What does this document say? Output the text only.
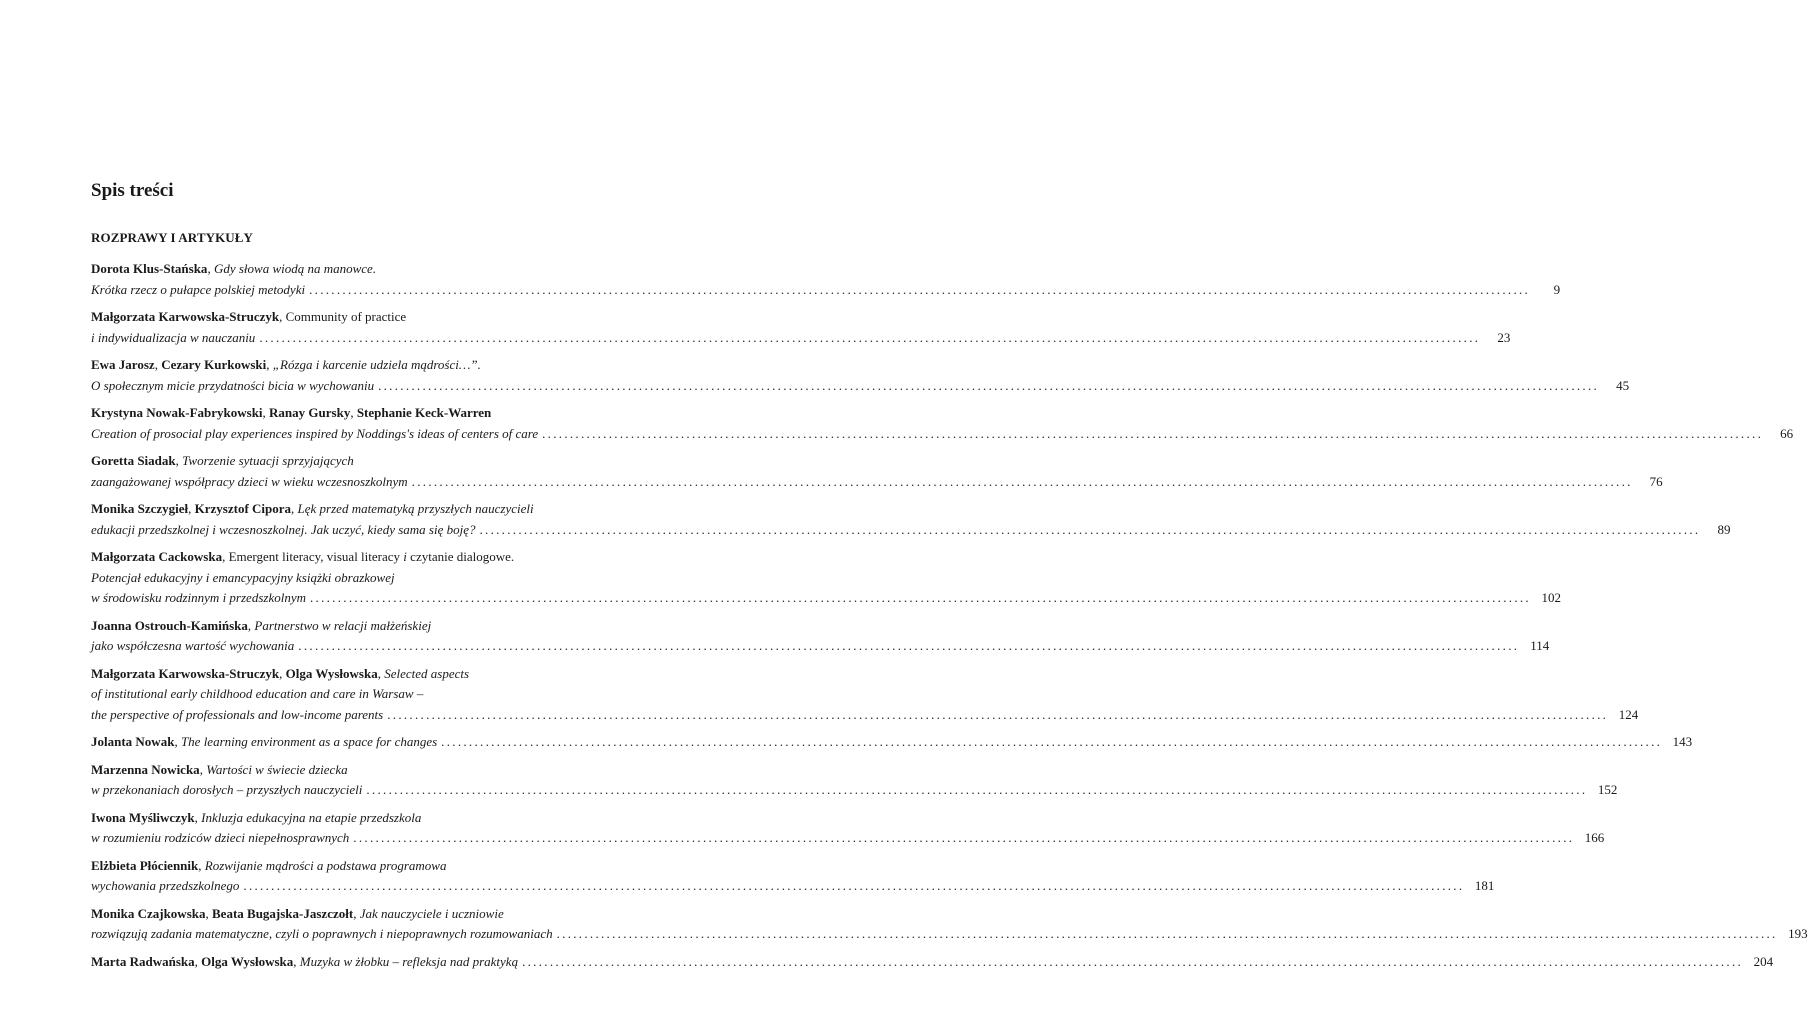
Spis treści
ROZPRAWY I ARTYKUŁY
Dorota Klus-Stańska, Gdy słowa wiodą na manowce.
Krótka rzecz o pułapce polskiej metodyki ............................................................................................................................................................................................................................	9
Małgorzata Karwowska-Struczyk, Community of practice
i indywidualizacja w nauczaniu ............................................................................................................................................................................................................................	23
Ewa Jarosz, Cezary Kurkowski, „Rózga i karcenie udziela mądrości…”.
O społecznym micie przydatności bicia w wychowaniu ............................................................................................................................................................................................................................	45
Krystyna Nowak-Fabrykowski, Ranay Gursky, Stephanie Keck-Warren
Creation of prosocial play experiences inspired by Noddings's ideas of centers of care ............................................................................................................................................................................................................................	66
Goretta Siadak, Tworzenie sytuacji sprzyjających
zaangażowanej współpracy dzieci w wieku wczesnoszkolnym ............................................................................................................................................................................................................................	76
Monika Szczygieł, Krzysztof Cipora, Lęk przed matematyką przyszłych nauczycieli
edukacji przedszkolnej i wczesnoszkolnej. Jak uczyć, kiedy sama się boję? ............................................................................................................................................................................................................................	89
Małgorzata Cackowska, Emergent literacy, visual literacy i czytanie dialogowe.
Potencjał edukacyjny i emancypacyjny książki obrazkowej
w środowisku rodzinnym i przedszkolnym ............................................................................................................................................................................................................................ 102
Joanna Ostrouch-Kamińska, Partnerstwo w relacji małżeńskiej
jako współczesna wartość wychowania ............................................................................................................................................................................................................................ 114
Małgorzata Karwowska-Struczyk, Olga Wysłowska, Selected aspects
of institutional early childhood education and care in Warsaw –
the perspective of professionals and low-income parents ............................................................................................................................................................................................................................ 124
Jolanta Nowak, The learning environment as a space for changes ............................................................................................................................................................................................................................ 143
Marzenna Nowicka, Wartości w świecie dziecka
w przekonaniach dorosłych – przyszłych nauczycieli ............................................................................................................................................................................................................................ 152
Iwona Myśliwczyk, Inkluzja edukacyjna na etapie przedszkola
w rozumieniu rodziców dzieci niepełnosprawnych ............................................................................................................................................................................................................................ 166
Elżbieta Płóciennik, Rozwijanie mądrości a podstawa programowa
wychowania przedszkolnego ............................................................................................................................................................................................................................ 181
Monika Czajkowska, Beata Bugajska-Jaszczołt, Jak nauczyciele i uczniowie
rozwiązują zadania matematyczne, czyli o poprawnych i niepoprawnych rozumowaniach ............................................................................................................................................................................................................................ 193
Marta Radwańska, Olga Wysłowska, Muzyka w żłobku – refleksja nad praktyką ............................................................................................................................................................................................................................ 204
